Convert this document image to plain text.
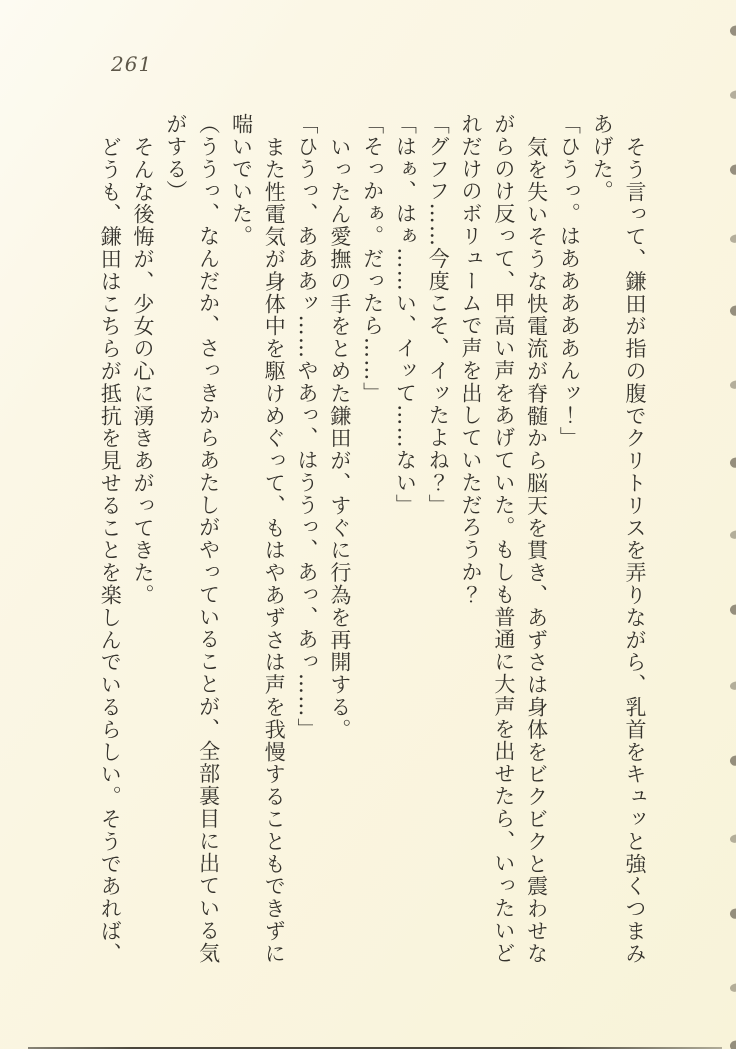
261
そう言って、鎌田が指の腹でクリトリスを弄りながら、乳首をキュッと強くつまみ
あげた。
「ひうっ。はあああああんッ！」
気を失いそうな快電流が脊髄から脳天を貫き、あずさは身体をビクビクと震わせな
がらのけ反って、甲高い声をあげていた。もしも普通に大声を出せたら、いったいど
れだけのボリュームで声を出していただろうか？
「グフフ……今度こそ、イッたよね？」
「はぁ、はぁ……い、イッて……ない」
「そっかぁ。だったら……」
いったん愛撫の手をとめた鎌田が、すぐに行為を再開する。
「ひうっ、あああッ……やあっ、はううっ、あっ、あっ……」
また性電気が身体中を駆けめぐって、もはやあずさは声を我慢することもできずに
喘いでいた。
（ううっ、なんだか、さっきからあたしがやっていることが、全部裏目に出ている気
がする）
そんな後悔が、少女の心に湧きあがってきた。
どうも、鎌田はこちらが抵抗を見せることを楽しんでいるらしい。そうであれば、
